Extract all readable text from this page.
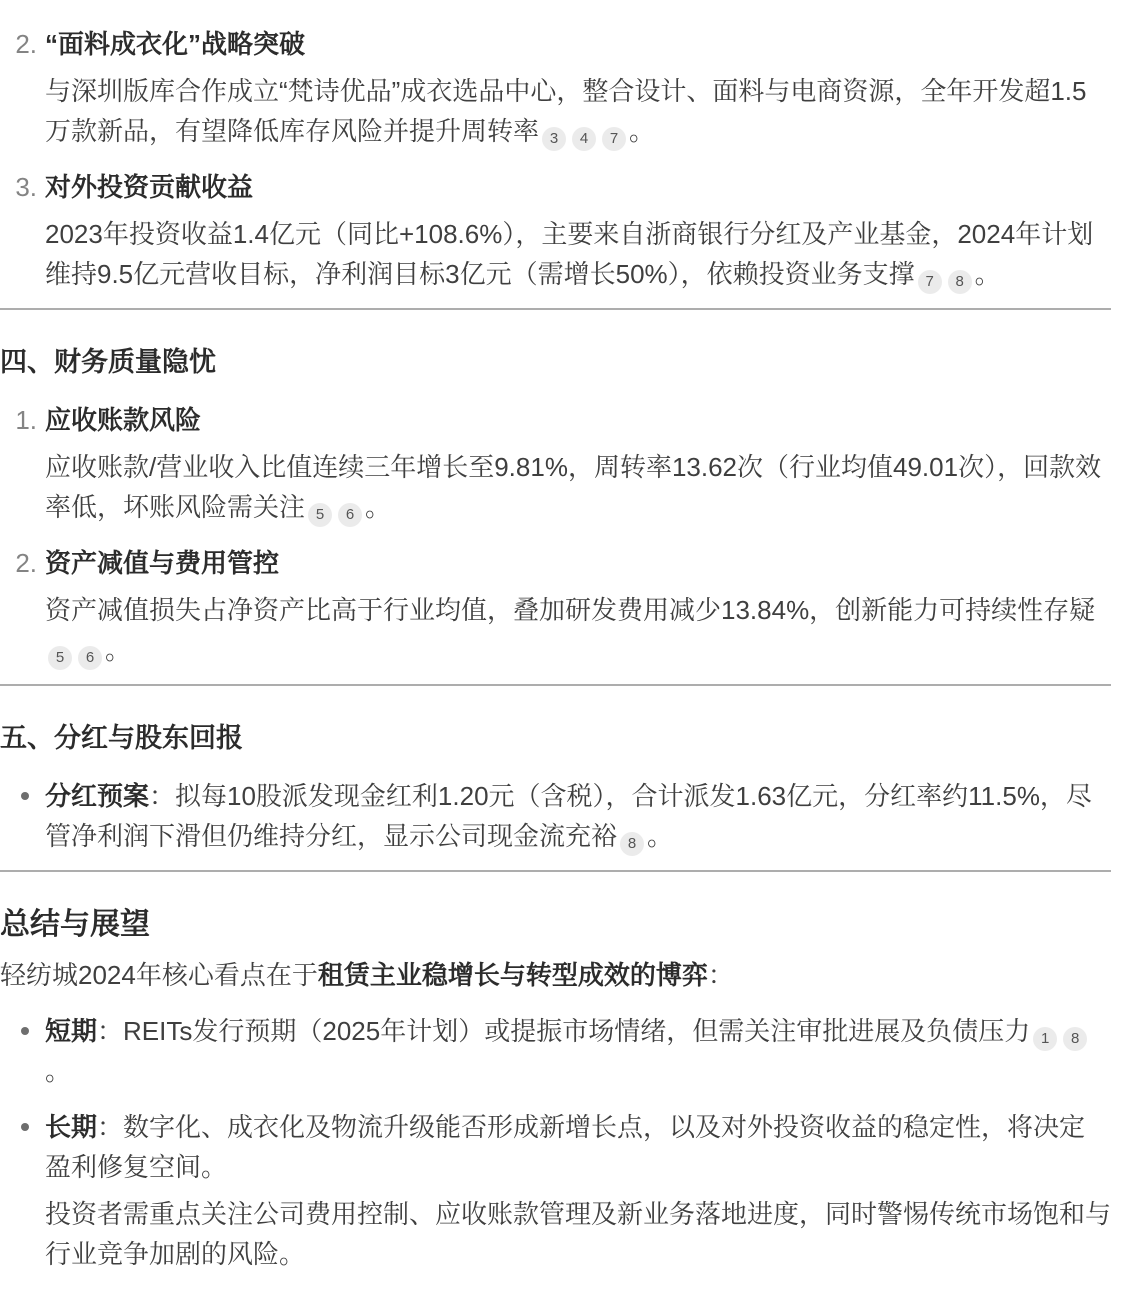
2. “面料成衣化”战略突破
与深圳版库合作成立“梵诗优品”成衣选品中心，整合设计、面料与电商资源，全年开发超1.5万款新品，有望降低库存风险并提升周转率 3 4 7 。
3. 对外投资贡献收益
2023年投资收益1.4亿元（同比+108.6%），主要来自浙商银行分红及产业基金，2024年计划维持9.5亿元营收目标，净利润目标3亿元（需增长50%），依赖投资业务支撑 7 8 。
四、财务质量隐忧
1. 应收账款风险
应收账款/营业收入比值连续三年增长至9.81%，周转率13.62次（行业均值49.01次），回款效率低，坏账风险需关注 5 6 。
2. 资产减值与费用管控
资产减值损失占净资产比高于行业均值，叠加研发费用减少13.84%，创新能力可持续性存疑5 6 。
五、分红与股东回报
分红预案：拟每10股派发现金红利1.20元（含税），合计派发1.63亿元，分红率约11.5%，尽管净利润下滑但仍维持分红，显示公司现金流充裕 8 。
总结与展望
轻纺城2024年核心看点在于租赁主业稳增长与转型成效的博弈：
短期：REITs发行预期（2025年计划）或提振市场情绪，但需关注审批进展及负债压力 1 8。
长期：数字化、成衣化及物流升级能否形成新增长点，以及对外投资收益的稳定性，将决定盈利修复空间。
投资者需重点关注公司费用控制、应收账款管理及新业务落地进度，同时警惕传统市场饱和与行业竞争加剧的风险。
